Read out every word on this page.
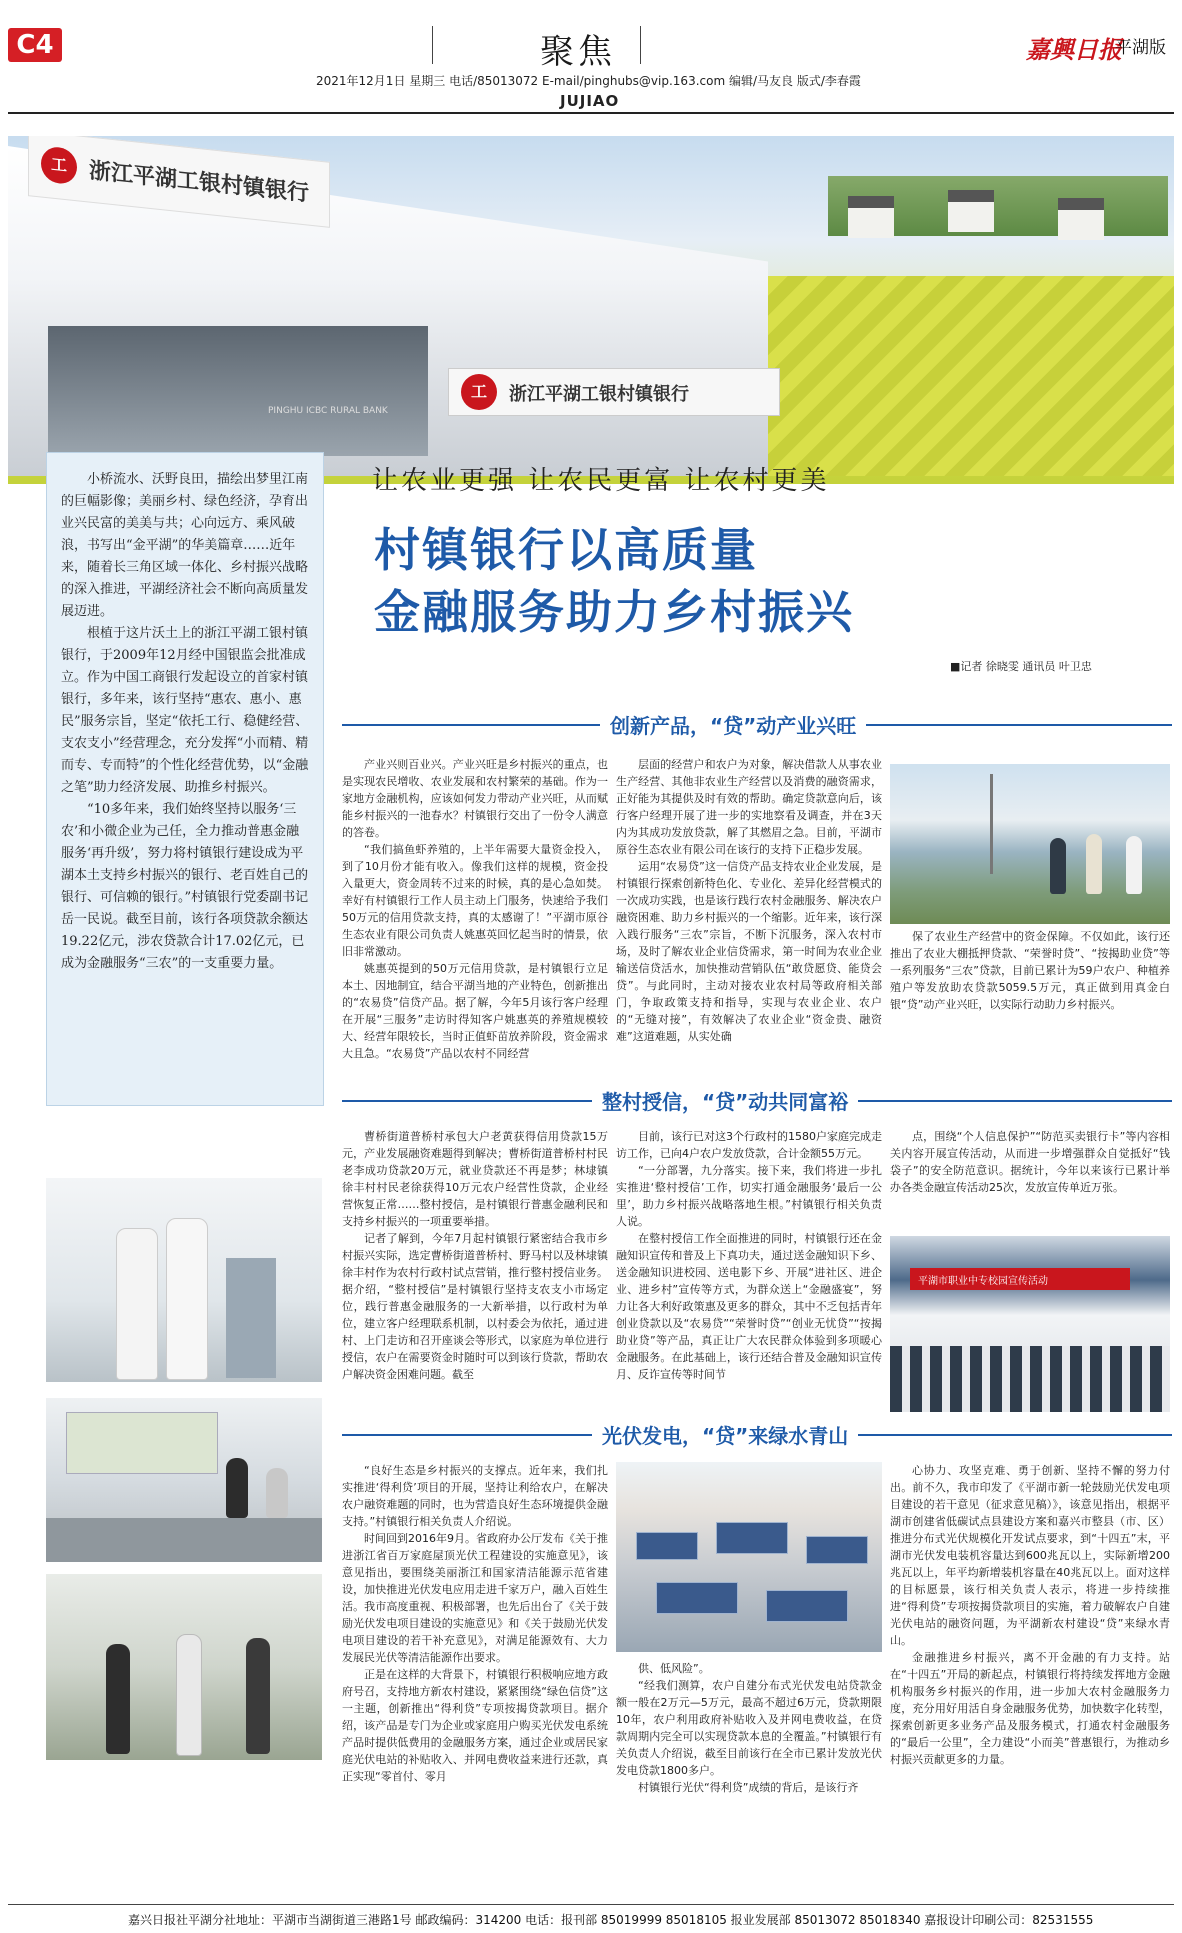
C4	聚焦	嘉興日报
平湖版
2021年12月1日 星期三 电话/85013072 E-mail/pinghubs@vip.163.com 编辑/马友良 版式/李春霞
JUJIAO
工	浙江平湖工银村镇银行
PINGHU ICBC RURAL BANK
工	浙江平湖工银村镇银行
让农业更强 让农民更富 让农村更美
村镇银行以高质量
金融服务助力乡村振兴
■记者 徐晓雯 通讯员 叶卫忠

小桥流水、沃野良田，描绘出梦里江南的巨幅影像；美丽乡村、绿色经济，孕育出业兴民富的美美与共；心向远方、乘风破浪，书写出“金平湖”的华美篇章……近年来，随着长三角区域一体化、乡村振兴战略的深入推进，平湖经济社会不断向高质量发展迈进。

根植于这片沃土上的浙江平湖工银村镇银行，于2009年12月经中国银监会批准成立。作为中国工商银行发起设立的首家村镇银行，多年来，该行坚持“惠农、惠小、惠民”服务宗旨，坚定“依托工行、稳健经营、支农支小”经营理念，充分发挥“小而精、精而专、专而特”的个性化经营优势，以“金融之笔”助力经济发展、助推乡村振兴。

“10多年来，我们始终坚持以服务‘三农’和小微企业为己任，全力推动普惠金融服务‘再升级’，努力将村镇银行建设成为平湖本土支持乡村振兴的银行、老百姓自己的银行、可信赖的银行。”村镇银行党委副书记岳一民说。截至目前，该行各项贷款余额达19.22亿元，涉农贷款合计17.02亿元，已成为金融服务“三农”的一支重要力量。

创新产品，“贷”动产业兴旺

产业兴则百业兴。产业兴旺是乡村振兴的重点，也是实现农民增收、农业发展和农村繁荣的基础。作为一家地方金融机构，应该如何发力带动产业兴旺，从而赋能乡村振兴的一池春水？村镇银行交出了一份令人满意的答卷。

“我们搞鱼虾养殖的，上半年需要大量资金投入，到了10月份才能有收入。像我们这样的规模，资金投入量更大，资金周转不过来的时候，真的是心急如焚。幸好有村镇银行工作人员主动上门服务，快速给予我们50万元的信用贷款支持，真的太感谢了！”平湖市原谷生态农业有限公司负责人姚惠英回忆起当时的情景，依旧非常激动。

姚惠英提到的50万元信用贷款，是村镇银行立足本土、因地制宜，结合平湖当地的产业特色，创新推出的“农易贷”信贷产品。据了解，今年5月该行客户经理在开展“三服务”走访时得知客户姚惠英的养殖规模较大、经营年限较长，当时正值虾苗放养阶段，资金需求大且急。“农易贷”产品以农村不同经营

层面的经营户和农户为对象，解决借款人从事农业生产经营、其他非农业生产经营以及消费的融资需求，正好能为其提供及时有效的帮助。确定贷款意向后，该行客户经理开展了进一步的实地察看及调查，并在3天内为其成功发放贷款，解了其燃眉之急。目前，平湖市原谷生态农业有限公司在该行的支持下正稳步发展。

运用“农易贷”这一信贷产品支持农业企业发展，是村镇银行探索创新特色化、专业化、差异化经营模式的一次成功实践，也是该行践行农村金融服务、解决农户融资困难、助力乡村振兴的一个缩影。近年来，该行深入践行服务“三农”宗旨，不断下沉服务，深入农村市场，及时了解农业企业信贷需求，第一时间为农业企业输送信贷活水，加快推动营销队伍“敢贷愿贷、能贷会贷”。与此同时，主动对接农业农村局等政府相关部门，争取政策支持和指导，实现与农业企业、农户的“无缝对接”，有效解决了农业企业“资金贵、融资难”这道难题，从实处确

保了农业生产经营中的资金保障。不仅如此，该行还推出了农业大棚抵押贷款、“荣誉时贷”、“按揭助业贷”等一系列服务“三农”贷款，目前已累计为59户农户、种植养殖户等发放助农贷款5059.5万元，真正做到用真金白银“贷”动产业兴旺，以实际行动助力乡村振兴。

整村授信，“贷”动共同富裕

曹桥街道普桥村承包大户老黄获得信用贷款15万元，产业发展融资难题得到解决；曹桥街道普桥村村民老李成功贷款20万元，就业贷款还不再是梦；林埭镇徐丰村村民老徐获得10万元农户经营性贷款，企业经营恢复正常……整村授信，是村镇银行普惠金融利民和支持乡村振兴的一项重要举措。

记者了解到，今年7月起村镇银行紧密结合我市乡村振兴实际，选定曹桥街道普桥村、野马村以及林埭镇徐丰村作为农村行政村试点营销，推行整村授信业务。据介绍，“整村授信”是村镇银行坚持支农支小市场定位，践行普惠金融服务的一大新举措，以行政村为单位，建立客户经理联系机制，以村委会为依托，通过进村、上门走访和召开座谈会等形式，以家庭为单位进行授信，农户在需要资金时随时可以到该行贷款，帮助农户解决资金困难问题。截至

目前，该行已对这3个行政村的1580户家庭完成走访工作，已向4户农户发放贷款，合计金额55万元。

“一分部署，九分落实。接下来，我们将进一步扎实推进‘整村授信’工作，切实打通金融服务‘最后一公里’，助力乡村振兴战略落地生根。”村镇银行相关负责人说。

在整村授信工作全面推进的同时，村镇银行还在金融知识宣传和普及上下真功夫，通过送金融知识下乡、送金融知识进校园、送电影下乡、开展“进社区、进企业、进乡村”宣传等方式，为群众送上“金融盛宴”，努力让各大利好政策惠及更多的群众，其中不乏包括青年创业贷款以及“农易贷”“荣誉时贷”“创业无忧贷”“按揭助业贷”等产品，真正让广大农民群众体验到多项暖心金融服务。在此基础上，该行还结合普及金融知识宣传月、反诈宣传等时间节

点，围绕“个人信息保护”“防范买卖银行卡”等内容相关内容开展宣传活动，从而进一步增强群众自觉抵好“钱袋子”的安全防范意识。据统计，今年以来该行已累计举办各类金融宣传活动25次，发放宣传单近万张。

平湖市职业中专校园宣传活动
光伏发电，“贷”来绿水青山

“良好生态是乡村振兴的支撑点。近年来，我们扎实推进‘得利贷’项目的开展，坚持让利给农户，在解决农户融资难题的同时，也为营造良好生态环境提供金融支持。”村镇银行相关负责人介绍说。

时间回到2016年9月。省政府办公厅发布《关于推进浙江省百万家庭屋顶光伏工程建设的实施意见》，该意见指出，要围绕美丽浙江和国家清洁能源示范省建设，加快推进光伏发电应用走进千家万户，融入百姓生活。我市高度重视、积极部署，也先后出台了《关于鼓励光伏发电项目建设的实施意见》和《关于鼓励光伏发电项目建设的若干补充意见》，对满足能源效有、大力发展民光伏等清洁能源作出要求。

正是在这样的大背景下，村镇银行积极响应地方政府号召，支持地方新农村建设，紧紧围绕“绿色信贷”这一主题，创新推出“得利贷”专项按揭贷款项目。据介绍，该产品是专门为企业或家庭用户购买光伏发电系统产品时提供低费用的金融服务方案，通过企业或居民家庭光伏电站的补贴收入、并网电费收益来进行还款，真正实现“零首付、零月

供、低风险”。

“经我们测算，农户自建分布式光伏发电站贷款金额一般在2万元—5万元，最高不超过6万元，贷款期限10年，农户利用政府补贴收入及并网电费收益，在贷款周期内完全可以实现贷款本息的全覆盖。”村镇银行有关负责人介绍说，截至目前该行在全市已累计发放光伏发电贷款1800多户。

村镇银行光伏“得利贷”成绩的背后，是该行齐

心协力、攻坚克难、勇于创新、坚持不懈的努力付出。前不久，我市印发了《平湖市新一轮鼓励光伏发电项目建设的若干意见（征求意见稿）》，该意见指出，根据平湖市创建省低碳试点县建设方案和嘉兴市整县（市、区）推进分布式光伏规模化开发试点要求，到“十四五”末，平湖市光伏发电装机容量达到600兆瓦以上，实际新增200兆瓦以上，年平均新增装机容量在40兆瓦以上。面对这样的目标愿景，该行相关负责人表示，将进一步持续推进“得利贷”专项按揭贷款项目的实施，着力破解农户自建光伏电站的融资问题，为平湖新农村建设“贷”来绿水青山。

金融推进乡村振兴，离不开金融的有力支持。站在“十四五”开局的新起点，村镇银行将持续发挥地方金融机构服务乡村振兴的作用，进一步加大农村金融服务力度，充分用好用活自身金融服务优势，加快数字化转型，探索创新更多业务产品及服务模式，打通农村金融服务的“最后一公里”，全力建设“小而美”普惠银行，为推动乡村振兴贡献更多的力量。

嘉兴日报社平湖分社地址：平湖市当湖街道三港路1号 邮政编码：314200 电话：报刊部 85019999 85018105 报业发展部 85013072 85018340 嘉报设计印刷公司：82531555
